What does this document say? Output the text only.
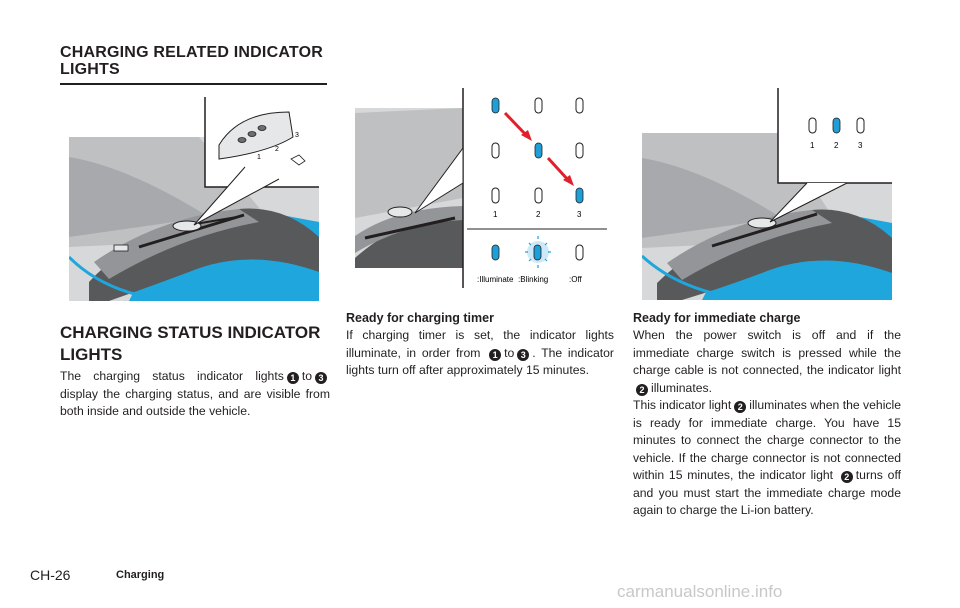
CHARGING RELATED INDICATOR
LIGHTS
3
2
1
1	2	3
:Illuminate :Blinking	:Off
1 2 3
CHARGING STATUS INDICATOR
LIGHTS
The charging status indicator lights 1 to 3 display the charging status, and are visible from both inside and outside the vehicle.
Ready for charging timer
If charging timer is set, the indicator lights illuminate, in order from 1 to 3 . The indicator lights turn off after approximately 15 minutes.
Ready for immediate charge
When the power switch is off and if the immediate charge switch is pressed while the charge cable is not connected, the indicator light2 illuminates.
This indicator light 2 illuminates when the vehicle is ready for immediate charge. You have 15 minutes to connect the charge connector to the vehicle. If the charge connector is not connected within 15 minutes, the indicator light 2 turns off and you must start the immediate charge mode again to charge the Li-ion battery.
CH-26	Charging
carmanualsonline.info
